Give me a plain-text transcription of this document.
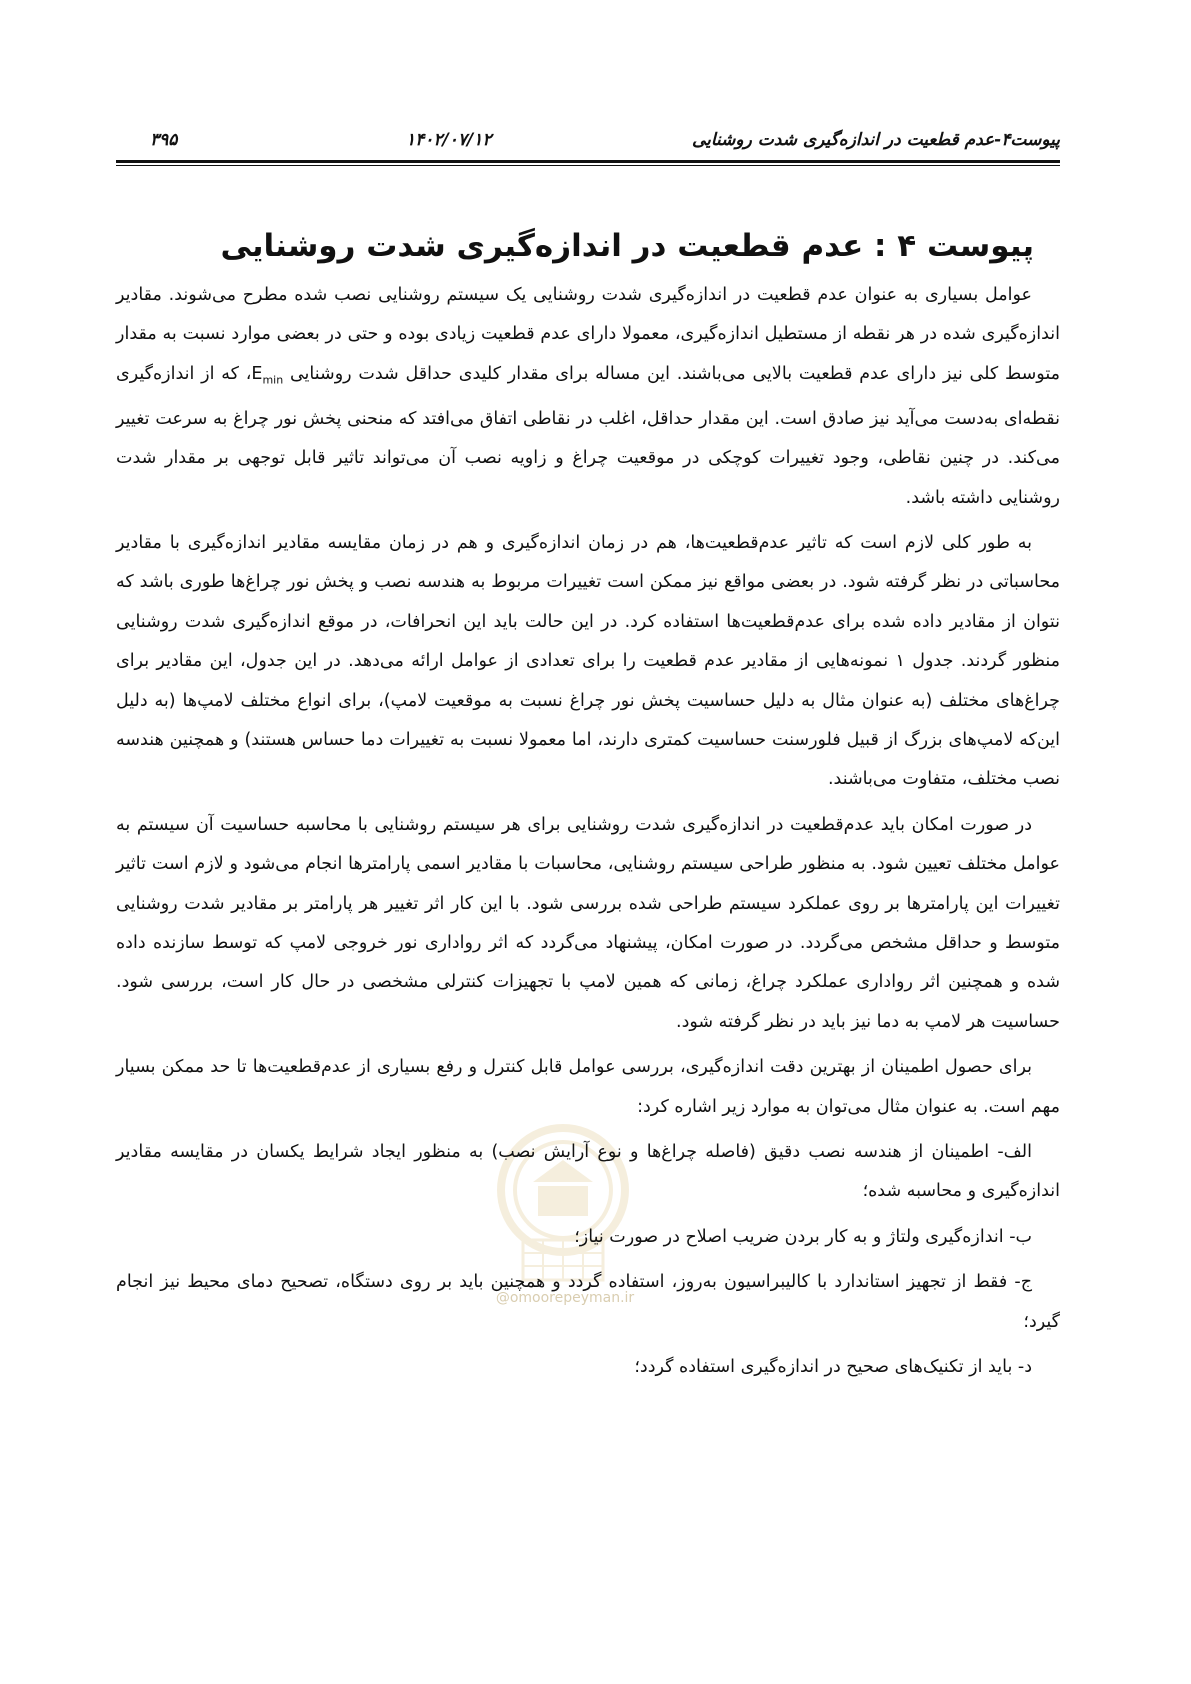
پیوست۴-عدم قطعیت در اندازه‌گیری شدت روشنایی
۱۴۰۲/۰۷/۱۲
۳۹۵
@omoorepeyman.ir
پیوست ۴ : عدم قطعیت در اندازه‌گیری شدت روشنایی

عوامل بسیاری به عنوان عدم قطعیت در اندازه‌گیری شدت روشنایی یک سیستم روشنایی نصب شده مطرح می‌شوند. مقادیر اندازه‌گیری شده در هر نقطه از مستطیل اندازه‌گیری، معمولا دارای عدم قطعیت زیادی بوده و حتی در بعضی موارد نسبت به مقدار متوسط کلی نیز دارای عدم قطعیت بالایی می‌باشند. این مساله برای مقدار کلیدی حداقل شدت روشنایی $E_{min}،$ که از اندازه‌گیری نقطه‌ای به‌دست می‌آید نیز صادق است. این مقدار حداقل، اغلب در نقاطی اتفاق می‌افتد که منحنی پخش نور چراغ به سرعت تغییر می‌کند. در چنین نقاطی، وجود تغییرات کوچکی در موقعیت چراغ و زاویه نصب آن می‌تواند تاثیر قابل توجهی بر مقدار شدت روشنایی داشته باشد.

به طور کلی لازم است که تاثیر عدم‌قطعیت‌ها، هم در زمان اندازه‌گیری و هم در زمان مقایسه مقادیر اندازه‌گیری با مقادیر محاسباتی در نظر گرفته شود. در بعضی مواقع نیز ممکن است تغییرات مربوط به هندسه نصب و پخش نور چراغ‌ها طوری باشد که نتوان از مقادیر داده شده برای عدم‌قطعیت‌ها استفاده کرد. در این حالت باید این انحرافات، در موقع اندازه‌گیری شدت روشنایی منظور گردند. جدول ۱ نمونه‌هایی از مقادیر عدم قطعیت را برای تعدادی از عوامل ارائه می‌دهد. در این جدول، این مقادیر برای چراغ‌های مختلف (به عنوان مثال به دلیل حساسیت پخش نور چراغ نسبت به موقعیت لامپ)، برای انواع مختلف لامپ‌ها (به دلیل این‌که لامپ‌های بزرگ از قبیل فلورسنت حساسیت کمتری دارند، اما معمولا نسبت به تغییرات دما حساس هستند) و همچنین هندسه نصب مختلف، متفاوت می‌باشند.

در صورت امکان باید عدم‌قطعیت در اندازه‌گیری شدت روشنایی برای هر سیستم روشنایی با محاسبه حساسیت آن سیستم به عوامل مختلف تعیین شود. به منظور طراحی سیستم روشنایی، محاسبات با مقادیر اسمی پارامترها انجام می‌شود و لازم است تاثیر تغییرات این پارامترها بر روی عملکرد سیستم طراحی شده بررسی شود. با این کار اثر تغییر هر پارامتر بر مقادیر شدت روشنایی متوسط و حداقل مشخص می‌گردد. در صورت امکان، پیشنهاد می‌گردد که اثر رواداری نور خروجی لامپ که توسط سازنده داده شده و همچنین اثر رواداری عملکرد چراغ، زمانی که همین لامپ با تجهیزات کنترلی مشخصی در حال کار است، بررسی شود. حساسیت هر لامپ به دما نیز باید در نظر گرفته شود.

برای حصول اطمینان از بهترین دقت اندازه‌گیری، بررسی عوامل قابل کنترل و رفع بسیاری از عدم‌قطعیت‌ها تا حد ممکن بسیار مهم است. به عنوان مثال می‌توان به موارد زیر اشاره کرد:

الف- اطمینان از هندسه نصب دقیق (فاصله چراغ‌ها و نوع آرایش نصب) به منظور ایجاد شرایط یکسان در مقایسه مقادیر اندازه‌گیری و محاسبه شده؛

ب- اندازه‌گیری ولتاژ و به کار بردن ضریب اصلاح در صورت نیاز؛

ج- فقط از تجهیز استاندارد با کالیبراسیون به‌روز، استفاده گردد و همچنین باید بر روی دستگاه، تصحیح دمای محیط نیز انجام گیرد؛

د- باید از تکنیک‌های صحیح در اندازه‌گیری استفاده گردد؛
